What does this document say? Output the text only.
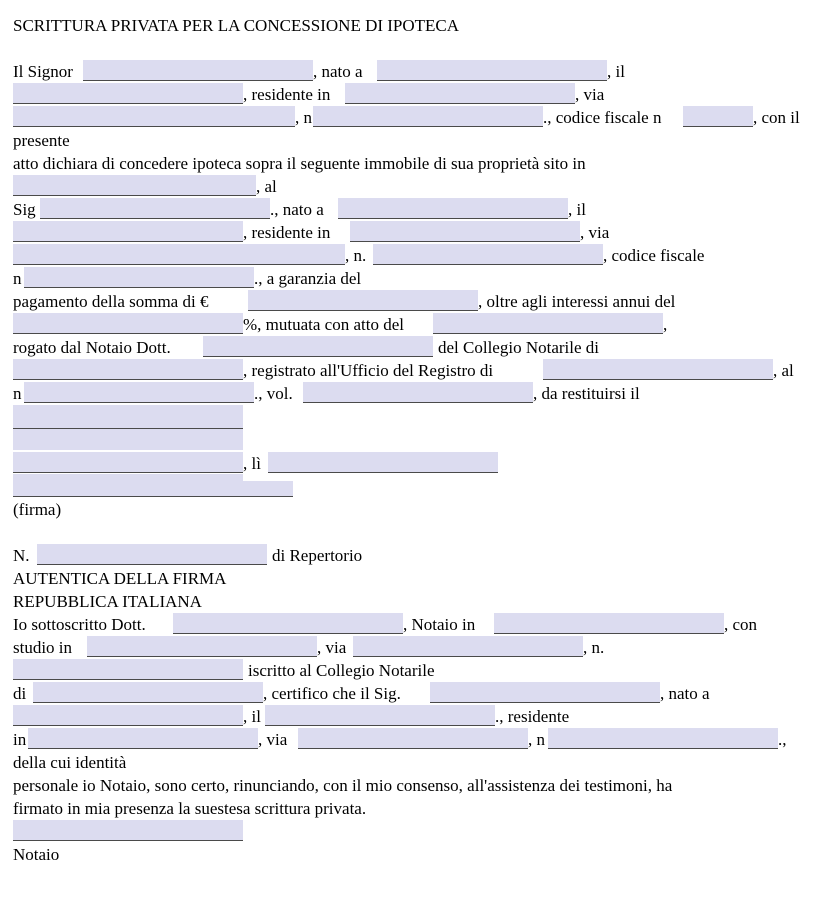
SCRITTURA PRIVATA PER LA CONCESSIONE DI IPOTECA
Il Signor	, nato a	, il
, residente in	, via
, n	., codice fiscale n	, con il
presente
atto dichiara di concedere ipoteca sopra il seguente immobile di sua proprietà sito in
, al
Sig	., nato a	, il
, residente in	, via
, n.	, codice fiscale
n	., a garanzia del
pagamento della somma di €	, oltre agli interessi annui del
%, mutuata con atto del	,
rogato dal Notaio Dott.	del Collegio Notarile di
, registrato all'Ufficio del Registro di	, al
n	., vol.	, da restituirsi il
, lì
(firma)
N.	di Repertorio
AUTENTICA DELLA FIRMA
REPUBBLICA ITALIANA
Io sottoscritto Dott.	, Notaio in	, con
studio in	, via	, n.
iscritto al Collegio Notarile
di	, certifico che il Sig.	, nato a
, il	., residente
in	, via	, n	.,
della cui identità
personale io Notaio, sono certo, rinunciando, con il mio consenso, all'assistenza dei testimoni, ha
firmato in mia presenza la suestesa scrittura privata.
Notaio
